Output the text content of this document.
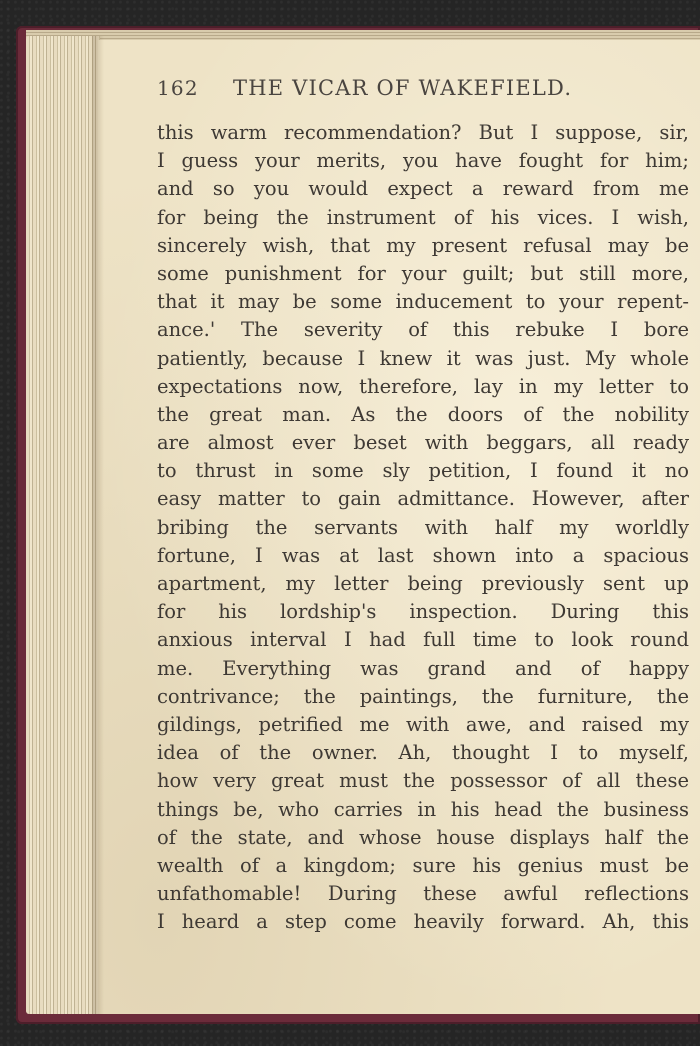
162 THE VICAR OF WAKEFIELD.
this warm recommendation? But I suppose, sir,
I guess your merits, you have fought for him;
and so you would expect a reward from me
for being the instrument of his vices. I wish,
sincerely wish, that my present refusal may be
some punishment for your guilt; but still more,
that it may be some inducement to your repent-
ance.' The severity of this rebuke I bore
patiently, because I knew it was just. My whole
expectations now, therefore, lay in my letter to
the great man. As the doors of the nobility
are almost ever beset with beggars, all ready
to thrust in some sly petition, I found it no
easy matter to gain admittance. However, after
bribing the servants with half my worldly
fortune, I was at last shown into a spacious
apartment, my letter being previously sent up
for his lordship's inspection. During this
anxious interval I had full time to look round
me. Everything was grand and of happy
contrivance; the paintings, the furniture, the
gildings, petrified me with awe, and raised my
idea of the owner. Ah, thought I to myself,
how very great must the possessor of all these
things be, who carries in his head the business
of the state, and whose house displays half the
wealth of a kingdom; sure his genius must be
unfathomable! During these awful reflections
I heard a step come heavily forward. Ah, this
